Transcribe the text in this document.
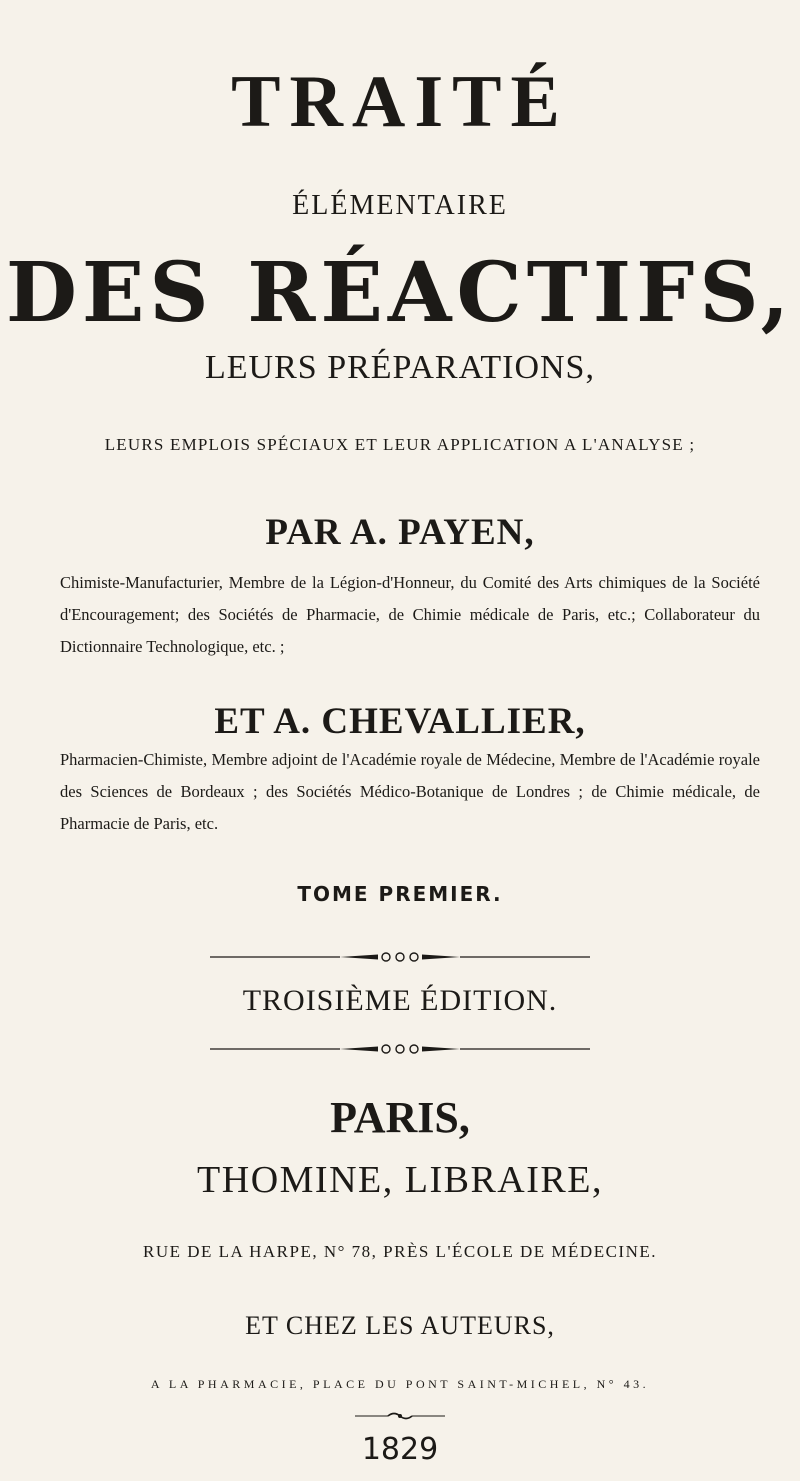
TRAITÉ
ÉLÉMENTAIRE
DES RÉACTIFS,
LEURS PRÉPARATIONS,
LEURS EMPLOIS SPÉCIAUX ET LEUR APPLICATION A L'ANALYSE ;
PAR A. PAYEN,
Chimiste-Manufacturier, Membre de la Légion-d'Honneur, du Comité des Arts chimiques de la Société d'Encouragement; des Sociétés de Pharmacie, de Chimie médicale de Paris, etc.; Collaborateur du Dictionnaire Technologique, etc. ;
ET A. CHEVALLIER,
Pharmacien-Chimiste, Membre adjoint de l'Académie royale de Médecine, Membre de l'Académie royale des Sciences de Bordeaux ; des Sociétés Médico-Botanique de Londres ; de Chimie médicale, de Pharmacie de Paris, etc.
TOME PREMIER.
TROISIÈME ÉDITION.
PARIS,
THOMINE, LIBRAIRE,
RUE DE LA HARPE, N° 78, PRÈS L'ÉCOLE DE MÉDECINE.
ET CHEZ LES AUTEURS,
A LA PHARMACIE, PLACE DU PONT SAINT-MICHEL, N° 43.
1829
